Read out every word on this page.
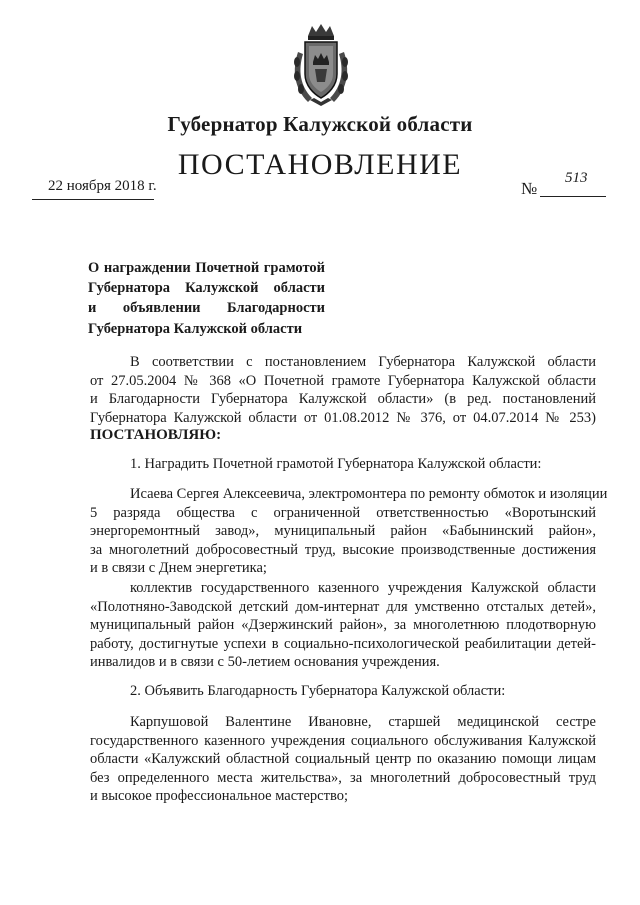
Губернатор Калужской области
ПОСТАНОВЛЕНИЕ
22 ноября 2018 г.	№
513
О награждении Почетной грамотой
Губернатора Калужской области
и объявлении Благодарности
Губернатора Калужской области
В соответствии с постановлением Губернатора Калужской области
от 27.05.2004 № 368 «О Почетной грамоте Губернатора Калужской области
и Благодарности Губернатора Калужской области» (в ред. постановлений
Губернатора Калужской области от 01.08.2012 № 376, от 04.07.2014 № 253)
ПОСТАНОВЛЯЮ:
1. Наградить Почетной грамотой Губернатора Калужской области:
Исаева Сергея Алексеевича, электромонтера по ремонту обмоток и изоляции
5 разряда общества с ограниченной ответственностью «Воротынский
энергоремонтный завод», муниципальный район «Бабынинский район»,
за многолетний добросовестный труд, высокие производственные достижения
и в связи с Днем энергетика;
коллектив государственного казенного учреждения Калужской области
«Полотняно-Заводской детский дом-интернат для умственно отсталых детей»,
муниципальный район «Дзержинский район», за многолетнюю плодотворную
работу, достигнутые успехи в социально-психологической реабилитации детей-
инвалидов и в связи с 50-летием основания учреждения.
2. Объявить Благодарность Губернатора Калужской области:
Карпушовой Валентине Ивановне, старшей медицинской сестре
государственного казенного учреждения социального обслуживания Калужской
области «Калужский областной социальный центр по оказанию помощи лицам
без определенного места жительства», за многолетний добросовестный труд
и высокое профессиональное мастерство;
